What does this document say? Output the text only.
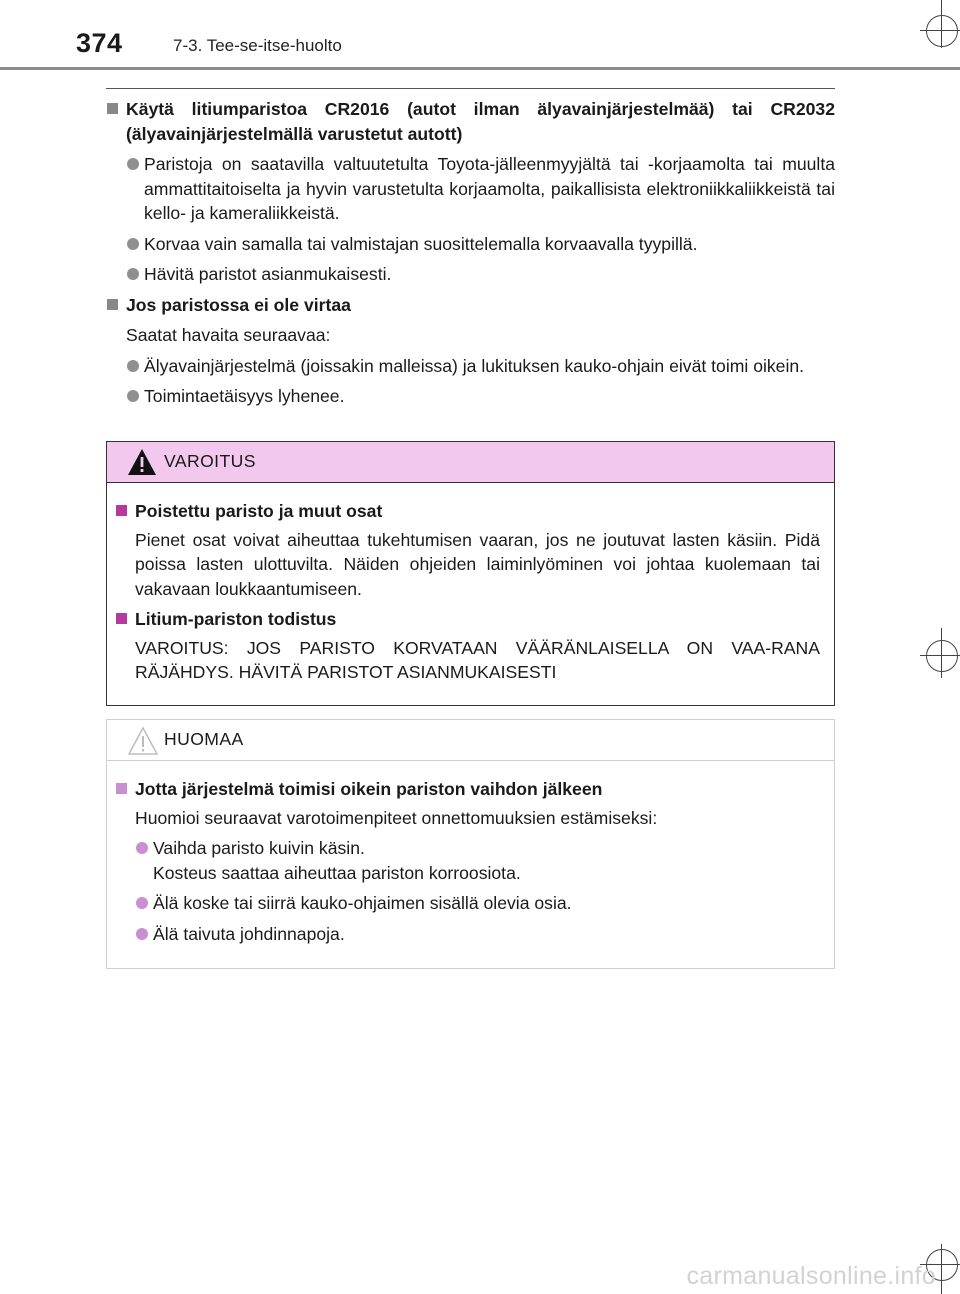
374	7-3. Tee-se-itse-huolto
Käytä litiumparistoa CR2016 (autot ilman älyavainjärjestelmää) tai CR2032 (älyavainjärjestelmällä varustetut autott)
Paristoja on saatavilla valtuutetulta Toyota-jälleenmyyjältä tai -korjaamolta tai muulta ammattitaitoiselta ja hyvin varustetulta korjaamolta, paikallisista elektroniikkaliikkeistä tai kello- ja kameraliikkeistä.
Korvaa vain samalla tai valmistajan suosittelemalla korvaavalla tyypillä.
Hävitä paristot asianmukaisesti.
Jos paristossa ei ole virtaa
Saatat havaita seuraavaa:
Älyavainjärjestelmä (joissakin malleissa) ja lukituksen kauko-ohjain eivät toimi oikein.
Toimintaetäisyys lyhenee.
VAROITUS
Poistettu paristo ja muut osat
Pienet osat voivat aiheuttaa tukehtumisen vaaran, jos ne joutuvat lasten käsiin. Pidä poissa lasten ulottuvilta. Näiden ohjeiden laiminlyöminen voi johtaa kuolemaan tai vakavaan loukkaantumiseen.
Litium-pariston todistus
VAROITUS: JOS PARISTO KORVATAAN VÄÄRÄNLAISELLA ON VAA-RANA RÄJÄHDYS. HÄVITÄ PARISTOT ASIANMUKAISESTI
HUOMAA
Jotta järjestelmä toimisi oikein pariston vaihdon jälkeen
Huomioi seuraavat varotoimenpiteet onnettomuuksien estämiseksi:
Vaihda paristo kuivin käsin.
Kosteus saattaa aiheuttaa pariston korroosiota.
Älä koske tai siirrä kauko-ohjaimen sisällä olevia osia.
Älä taivuta johdinnapoja.
carmanualsonline.info
